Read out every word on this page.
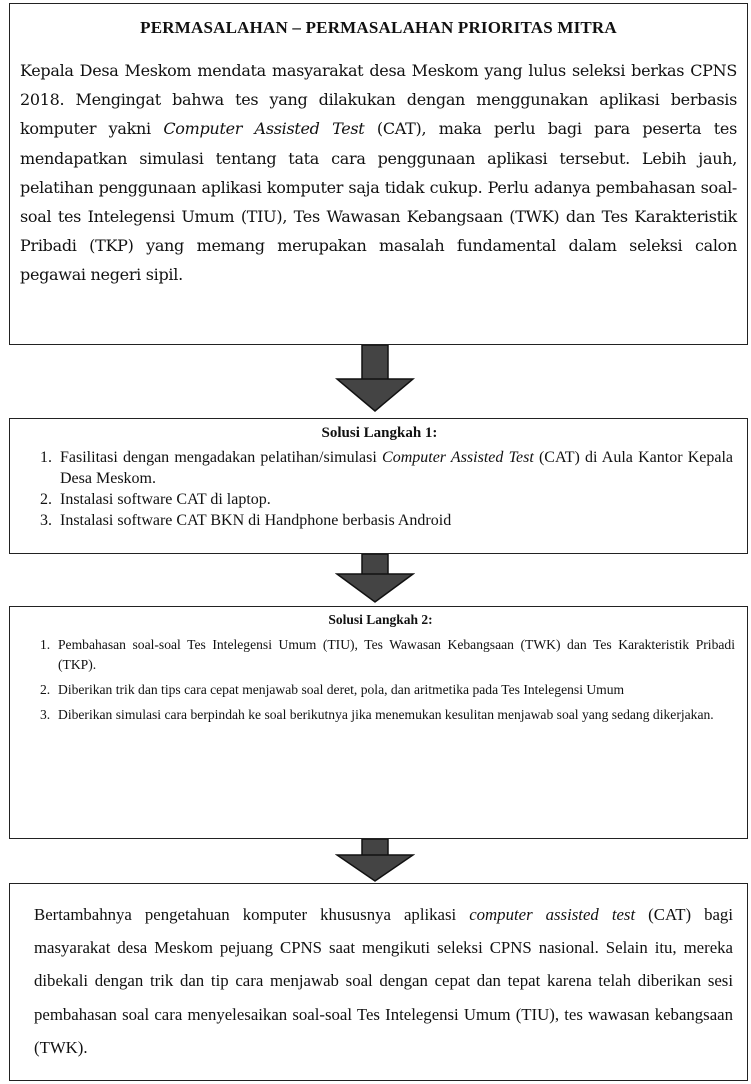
PERMASALAHAN – PERMASALAHAN PRIORITAS MITRA

Kepala Desa Meskom mendata masyarakat desa Meskom yang lulus seleksi berkas CPNS 2018. Mengingat bahwa tes yang dilakukan dengan menggunakan aplikasi berbasis komputer yakni Computer Assisted Test (CAT), maka perlu bagi para peserta tes mendapatkan simulasi tentang tata cara penggunaan aplikasi tersebut. Lebih jauh, pelatihan penggunaan aplikasi komputer saja tidak cukup. Perlu adanya pembahasan soal-soal tes Intelegensi Umum (TIU), Tes Wawasan Kebangsaan (TWK) dan Tes Karakteristik Pribadi (TKP) yang memang merupakan masalah fundamental dalam seleksi calon pegawai negeri sipil.

Solusi Langkah 1:
1. Fasilitasi dengan mengadakan pelatihan/simulasi Computer Assisted Test (CAT) di Aula Kantor Kepala Desa Meskom.
2. Instalasi software CAT di laptop.
3. Instalasi software CAT BKN di Handphone berbasis Android
Solusi Langkah 2:
1. Pembahasan soal-soal Tes Intelegensi Umum (TIU), Tes Wawasan Kebangsaan (TWK) dan Tes Karakteristik Pribadi (TKP).
2. Diberikan trik dan tips cara cepat menjawab soal deret, pola, dan aritmetika pada Tes Intelegensi Umum
3. Diberikan simulasi cara berpindah ke soal berikutnya jika menemukan kesulitan menjawab soal yang sedang dikerjakan.

Bertambahnya pengetahuan komputer khususnya aplikasi computer assisted test (CAT) bagi masyarakat desa Meskom pejuang CPNS saat mengikuti seleksi CPNS nasional. Selain itu, mereka dibekali dengan trik dan tip cara menjawab soal dengan cepat dan tepat karena telah diberikan sesi pembahasan soal cara menyelesaikan soal-soal Tes Intelegensi Umum (TIU), tes wawasan kebangsaan (TWK).
